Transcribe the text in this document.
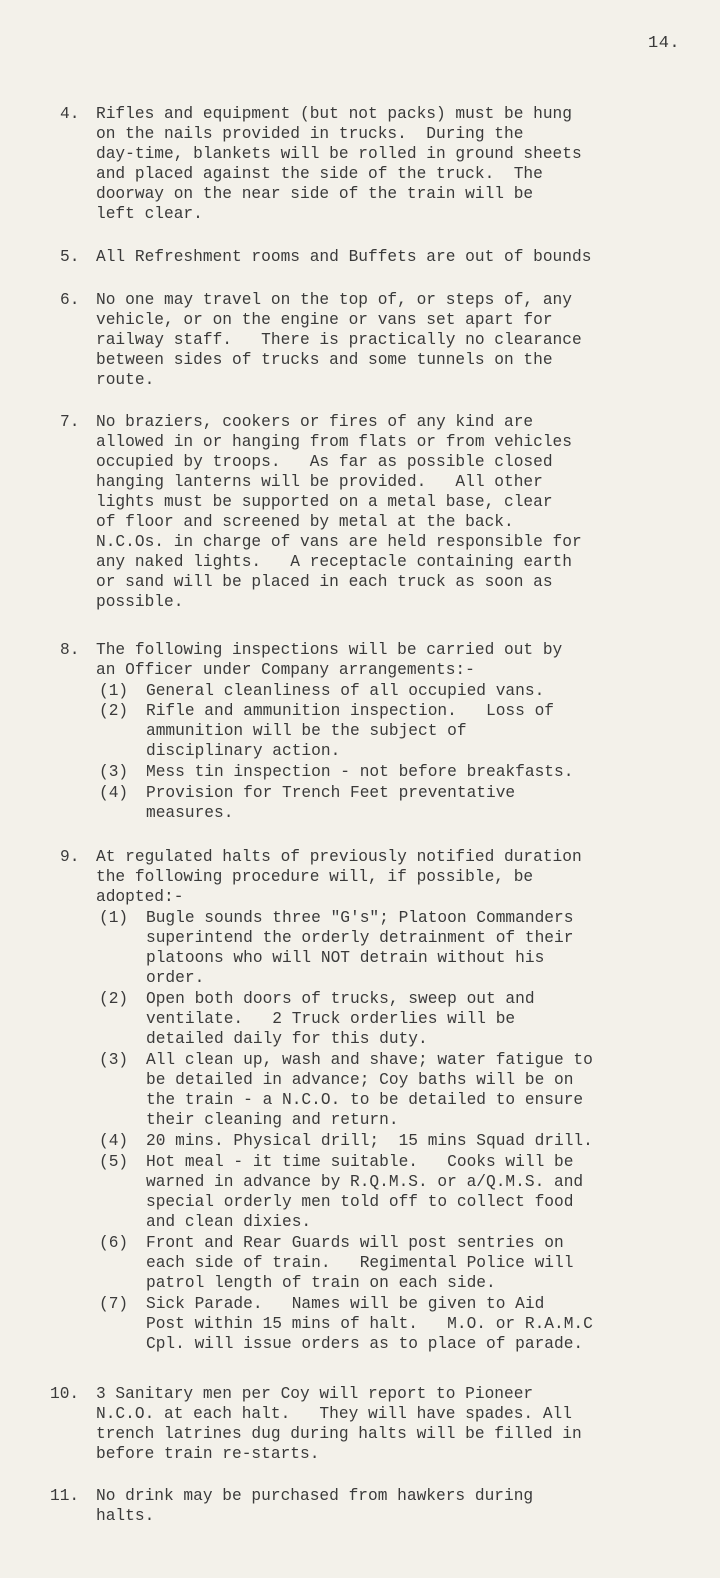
14.
4. Rifles and equipment (but not packs) must be hung
on the nails provided in trucks.  During the
day-time, blankets will be rolled in ground sheets
and placed against the side of the truck.  The
doorway on the near side of the train will be
left clear.
5. All Refreshment rooms and Buffets are out of bounds
6. No one may travel on the top of, or steps of, any
vehicle, or on the engine or vans set apart for
railway staff.   There is practically no clearance
between sides of trucks and some tunnels on the
route.
7. No braziers, cookers or fires of any kind are
allowed in or hanging from flats or from vehicles
occupied by troops.   As far as possible closed
hanging lanterns will be provided.   All other
lights must be supported on a metal base, clear
of floor and screened by metal at the back.
N.C.Os. in charge of vans are held responsible for
any naked lights.   A receptacle containing earth
or sand will be placed in each truck as soon as
possible.
8. The following inspections will be carried out by
an Officer under Company arrangements:-
(1) General cleanliness of all occupied vans.
(2) Rifle and ammunition inspection.   Loss of
ammunition will be the subject of
disciplinary action.
(3) Mess tin inspection - not before breakfasts.
(4) Provision for Trench Feet preventative
measures.
9. At regulated halts of previously notified duration
the following procedure will, if possible, be
adopted:-
(1) Bugle sounds three "G's"; Platoon Commanders
superintend the orderly detrainment of their
platoons who will NOT detrain without his
order.
(2) Open both doors of trucks, sweep out and
ventilate.   2 Truck orderlies will be
detailed daily for this duty.
(3) All clean up, wash and shave; water fatigue to
be detailed in advance; Coy baths will be on
the train - a N.C.O. to be detailed to ensure
their cleaning and return.
(4) 20 mins. Physical drill;  15 mins Squad drill.
(5) Hot meal - it time suitable.   Cooks will be
warned in advance by R.Q.M.S. or a/Q.M.S. and
special orderly men told off to collect food
and clean dixies.
(6) Front and Rear Guards will post sentries on
each side of train.   Regimental Police will
patrol length of train on each side.
(7) Sick Parade.   Names will be given to Aid
Post within 15 mins of halt.   M.O. or R.A.M.C
Cpl. will issue orders as to place of parade.
10. 3 Sanitary men per Coy will report to Pioneer
N.C.O. at each halt.   They will have spades. All
trench latrines dug during halts will be filled in
before train re-starts.
11. No drink may be purchased from hawkers during
halts.
